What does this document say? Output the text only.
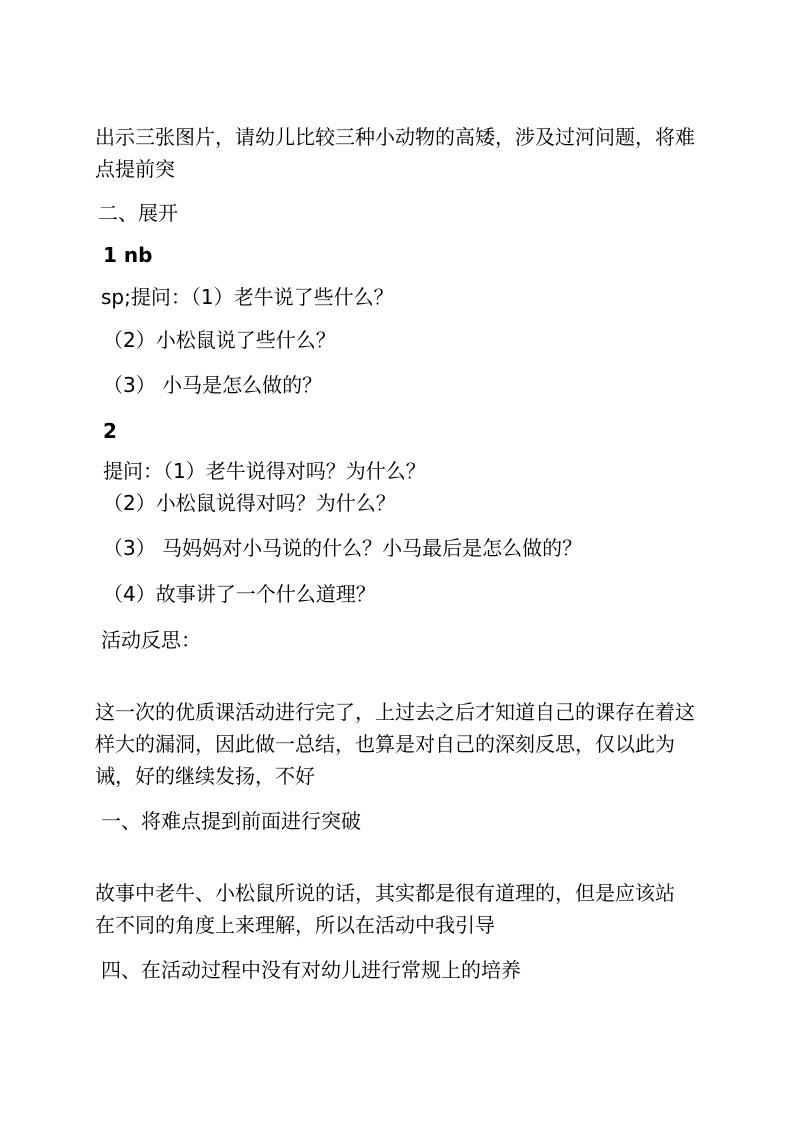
出示三张图片，请幼儿比较三种小动物的高矮，涉及过河问题，将难
点提前突
二、展开
1 nb
sp;提问：（1）老牛说了些什么？
（2）小松鼠说了些什么？
（3） 小马是怎么做的？
2
提问：（1）老牛说得对吗？为什么？
（2）小松鼠说得对吗？为什么？
（3） 马妈妈对小马说的什么？小马最后是怎么做的？
（4）故事讲了一个什么道理？
活动反思：
这一次的优质课活动进行完了，上过去之后才知道自己的课存在着这
样大的漏洞，因此做一总结，也算是对自己的深刻反思，仅以此为
诫，好的继续发扬，不好
一、将难点提到前面进行突破
故事中老牛、小松鼠所说的话，其实都是很有道理的，但是应该站
在不同的角度上来理解，所以在活动中我引导
四、在活动过程中没有对幼儿进行常规上的培养
